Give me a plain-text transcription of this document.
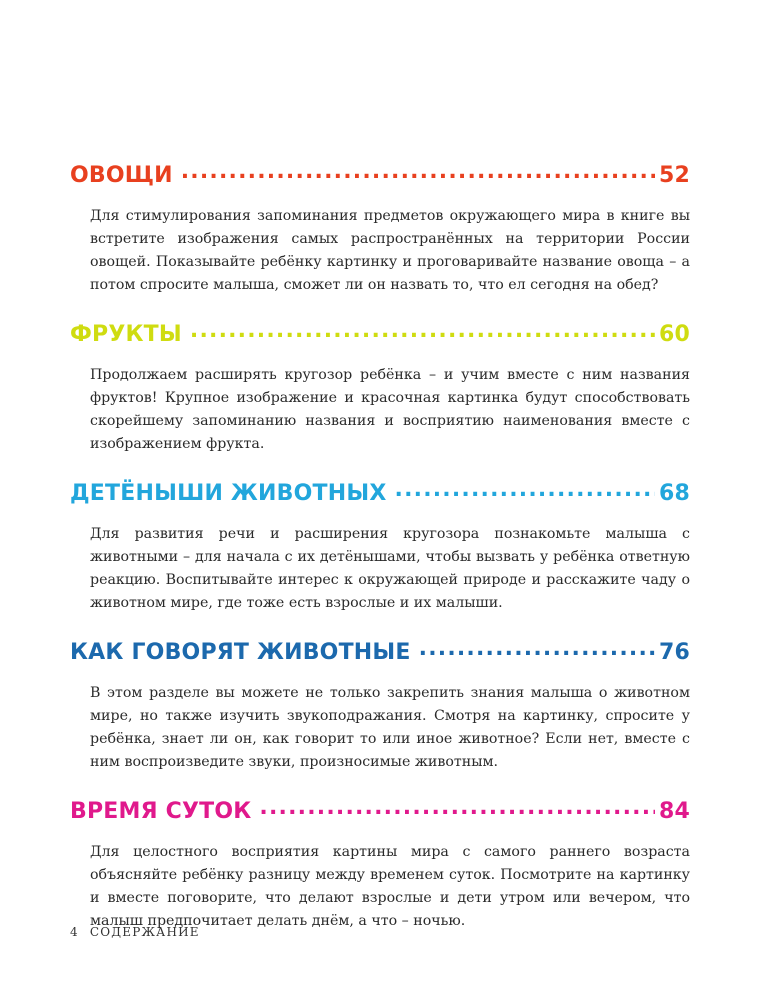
ОВОЩИ .....	52

Для стимулирования запоминания предметов окружающего мира в книге вы встретите изображения самых распространённых на территории России овощей. Показывайте ребёнку картинку и проговаривайте название овоща – а потом спросите малыша, сможет ли он назвать то, что ел сегодня на обед?

ФРУКТЫ .....	60

Продолжаем расширять кругозор ребёнка – и учим вместе с ним названия фруктов! Крупное изображение и красочная картинка будут способствовать скорейшему запоминанию названия и восприятию наименования вместе с изображением фрукта.

ДЕТЁНЫШИ ЖИВОТНЫХ .....	68

Для развития речи и расширения кругозора познакомьте малыша с животными – для начала с их детёнышами, чтобы вызвать у ребёнка ответную реакцию. Воспитывайте интерес к окружающей природе и расскажите чаду о животном мире, где тоже есть взрослые и их малыши.

КАК ГОВОРЯТ ЖИВОТНЫЕ .....	76

В этом разделе вы можете не только закрепить знания малыша о животном мире, но также изучить звукоподражания. Смотря на картинку, спросите у ребёнка, знает ли он, как говорит то или иное животное? Если нет, вместе с ним воспроизведите звуки, произносимые животным.

ВРЕМЯ СУТОК .....	84

Для целостного восприятия картины мира с самого раннего возраста объясняйте ребёнку разницу между временем суток. Посмотрите на картинку и вместе поговорите, что делают взрослые и дети утром или вечером, что малыш предпочитает делать днём, а что – ночью.

4 СОДЕРЖАНИЕ
